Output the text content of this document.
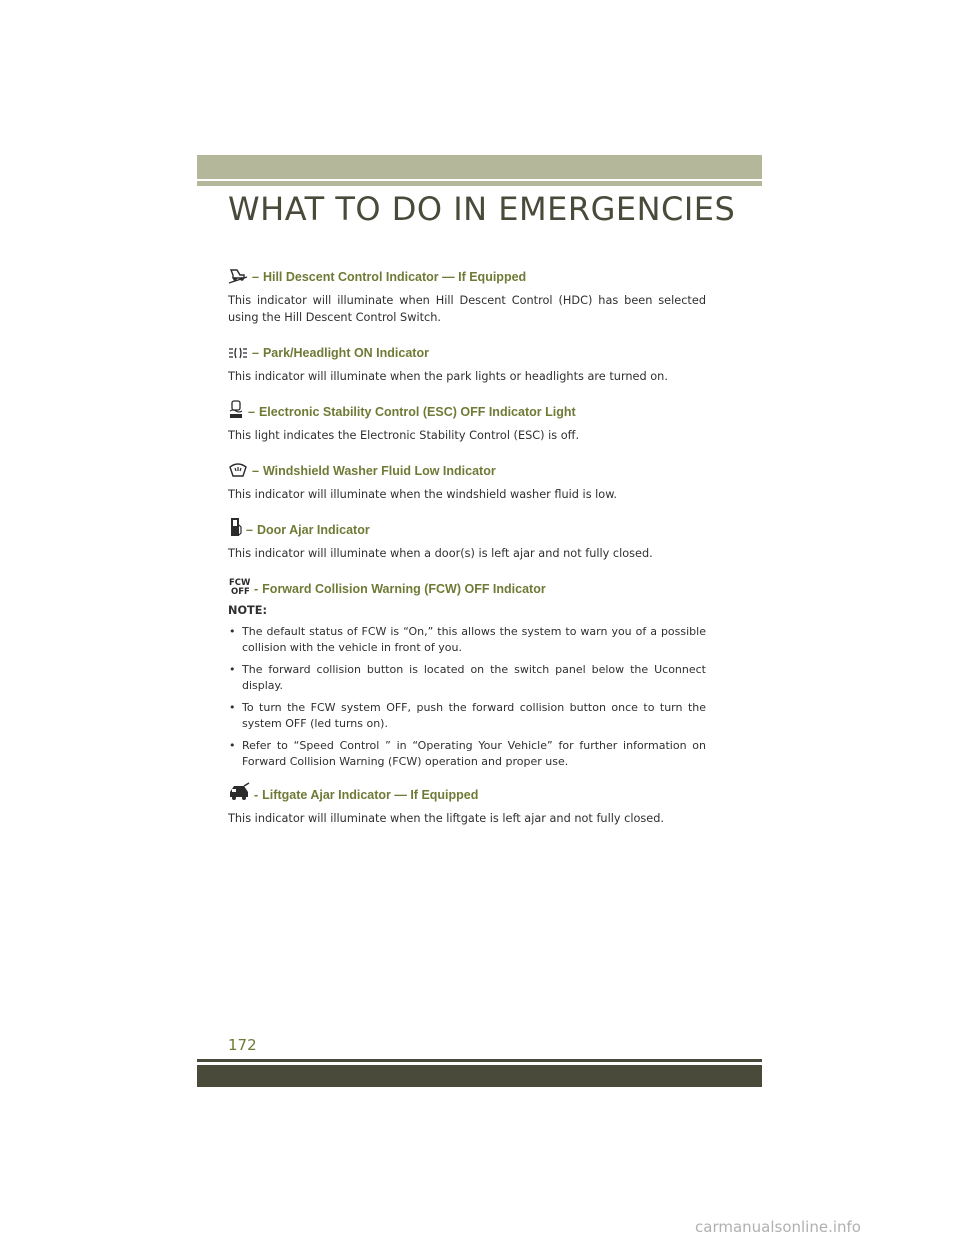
WHAT TO DO IN EMERGENCIES
– Hill Descent Control Indicator — If Equipped

This indicator will illuminate when Hill Descent Control (HDC) has been selected using the Hill Descent Control Switch.

– Park/Headlight ON Indicator

This indicator will illuminate when the park lights or headlights are turned on.

– Electronic Stability Control (ESC) OFF Indicator Light

This light indicates the Electronic Stability Control (ESC) is off.

– Windshield Washer Fluid Low Indicator

This indicator will illuminate when the windshield washer fluid is low.

– Door Ajar Indicator

This indicator will illuminate when a door(s) is left ajar and not fully closed.

FCW
OFF - Forward Collision Warning (FCW) OFF Indicator

NOTE:

• The default status of FCW is “On,” this allows the system to warn you of a possible collision with the vehicle in front of you.
• The forward collision button is located on the switch panel below the Uconnect display.
• To turn the FCW system OFF, push the forward collision button once to turn the system OFF (led turns on).
• Refer to “Speed Control ” in “Operating Your Vehicle” for further information on Forward Collision Warning (FCW) operation and proper use.
- Liftgate Ajar Indicator — If Equipped

This indicator will illuminate when the liftgate is left ajar and not fully closed.

172

carmanualsonline.info
